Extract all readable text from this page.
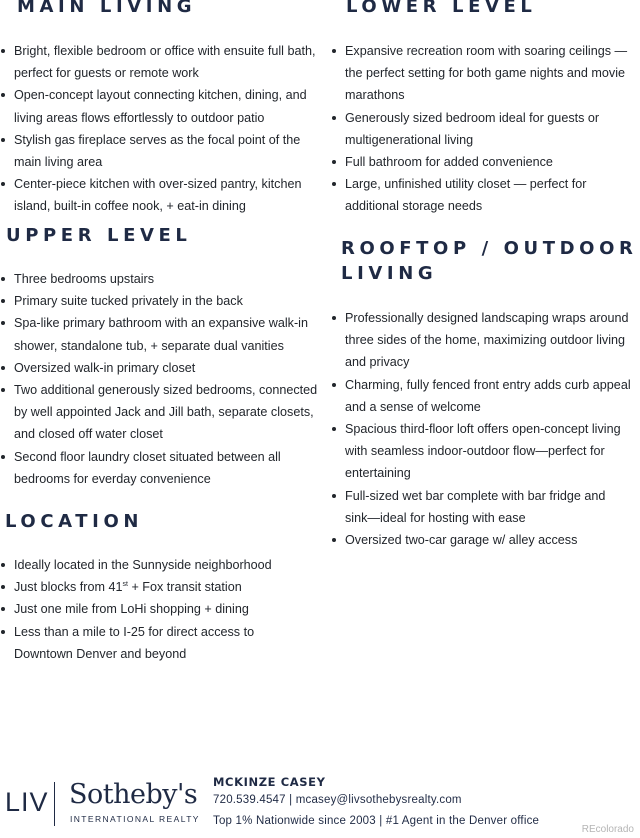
MAIN LIVING
Bright, flexible bedroom or office with ensuite full bath, perfect for guests or remote work
Open-concept layout connecting kitchen, dining, and living areas flows effortlessly to outdoor patio
Stylish gas fireplace serves as the focal point of the main living area
Center-piece kitchen with over-sized pantry, kitchen island, built-in coffee nook, + eat-in dining
UPPER LEVEL
Three bedrooms upstairs
Primary suite tucked privately in the back
Spa-like primary bathroom with an expansive walk-in shower, standalone tub, + separate dual vanities
Oversized walk-in primary closet
Two additional generously sized bedrooms, connected by well appointed Jack and Jill bath, separate closets, and closed off water closet
Second floor laundry closet situated between all bedrooms for everday convenience
LOCATION
Ideally located in the Sunnyside neighborhood
Just blocks from 41st + Fox transit station
Just one mile from LoHi shopping + dining
Less than a mile to I-25 for direct access to Downtown Denver and beyond
LOWER LEVEL
Expansive recreation room with soaring ceilings — the perfect setting for both game nights and movie marathons
Generously sized bedroom ideal for guests or multigenerational living
Full bathroom for added convenience
Large, unfinished utility closet — perfect for additional storage needs
ROOFTOP / OUTDOOR
LIVING
Professionally designed landscaping wraps around three sides of the home, maximizing outdoor living and privacy
Charming, fully fenced front entry adds curb appeal and a sense of welcome
Spacious third-floor loft offers open-concept living with seamless indoor-outdoor flow—perfect for entertaining
Full-sized wet bar complete with bar fridge and sink—ideal for hosting with ease
Oversized two-car garage w/ alley access
LIV Sotheby's
INTERNATIONAL REALTY
MCKINZE CASEY
720.539.4547 | mcasey@livsothebysrealty.com
Top 1% Nationwide since 2003 | #1 Agent in the Denver office
REcolorado
